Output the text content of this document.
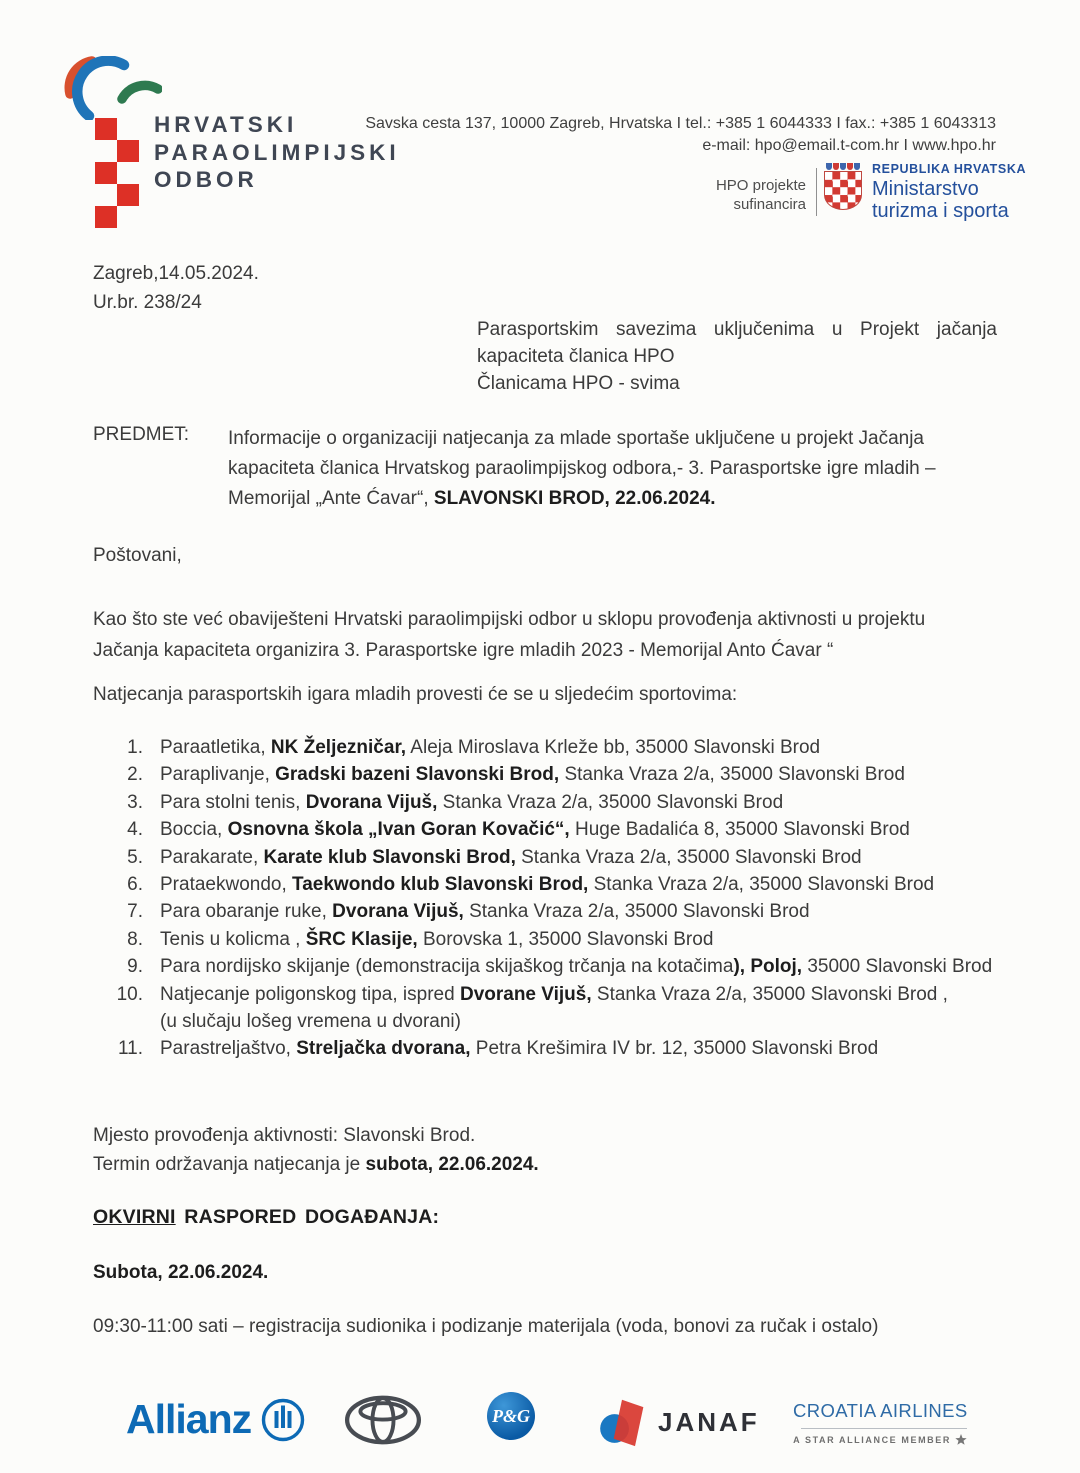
HRVATSKI
PARAOLIMPIJSKI
ODBOR
Savska cesta 137, 10000 Zagreb, Hrvatska I tel.: +385 1 6044333 I fax.: +385 1 6043313
e-mail: hpo@email.t-com.hr I www.hpo.hr
HPO projekte
sufinancira
REPUBLIKA HRVATSKA
Ministarstvo
turizma i sporta
Zagreb,14.05.2024.
Ur.br. 238/24
Parasportskim savezima uključenima u Projekt jačanja kapaciteta članica HPO
Članicama HPO - svima
PREDMET: Informacije o organizaciji natjecanja za mlade sportaše uključene u projekt Jačanja
kapaciteta članica Hrvatskog paraolimpijskog odbora,- 3. Parasportske igre mladih –
Memorijal „Ante Ćavar“, SLAVONSKI BROD, 22.06.2024.
Poštovani,
Kao što ste već obaviješteni Hrvatski paraolimpijski odbor u sklopu provođenja aktivnosti u projektu
Jačanja kapaciteta organizira 3. Parasportske igre mladih 2023 - Memorijal Anto Ćavar “
Natjecanja parasportskih igara mladih provesti će se u sljedećim sportovima:
1. Paraatletika, NK Željezničar, Aleja Miroslava Krleže bb, 35000 Slavonski Brod
2. Paraplivanje, Gradski bazeni Slavonski Brod, Stanka Vraza 2/a, 35000 Slavonski Brod
3. Para stolni tenis, Dvorana Vijuš, Stanka Vraza 2/a, 35000 Slavonski Brod
4. Boccia, Osnovna škola „Ivan Goran Kovačić“, Huge Badalića 8, 35000 Slavonski Brod
5. Parakarate, Karate klub Slavonski Brod, Stanka Vraza 2/a, 35000 Slavonski Brod
6. Prataekwondo, Taekwondo klub Slavonski Brod, Stanka Vraza 2/a, 35000 Slavonski Brod
7. Para obaranje ruke, Dvorana Vijuš, Stanka Vraza 2/a, 35000 Slavonski Brod
8. Tenis u kolicma , ŠRC Klasije, Borovska 1, 35000 Slavonski Brod
9. Para nordijsko skijanje (demonstracija skijaškog trčanja na kotačima), Poloj, 35000 Slavonski Brod
10. Natjecanje poligonskog tipa, ispred Dvorane Vijuš, Stanka Vraza 2/a, 35000 Slavonski Brod ,
(u slučaju lošeg vremena u dvorani)
11. Parastreljaštvo, Streljačka dvorana, Petra Krešimira IV br. 12, 35000 Slavonski Brod
Mjesto provođenja aktivnosti: Slavonski Brod.
Termin održavanja natjecanja je subota, 22.06.2024.
OKVIRNI RASPORED DOGAĐANJA:
Subota, 22.06.2024.
09:30-11:00 sati – registracija sudionika i podizanje materijala (voda, bonovi za ručak i ostalo)
Allianz	P&G	JANAF CROATIA AIRLINES
A STAR ALLIANCE MEMBER
